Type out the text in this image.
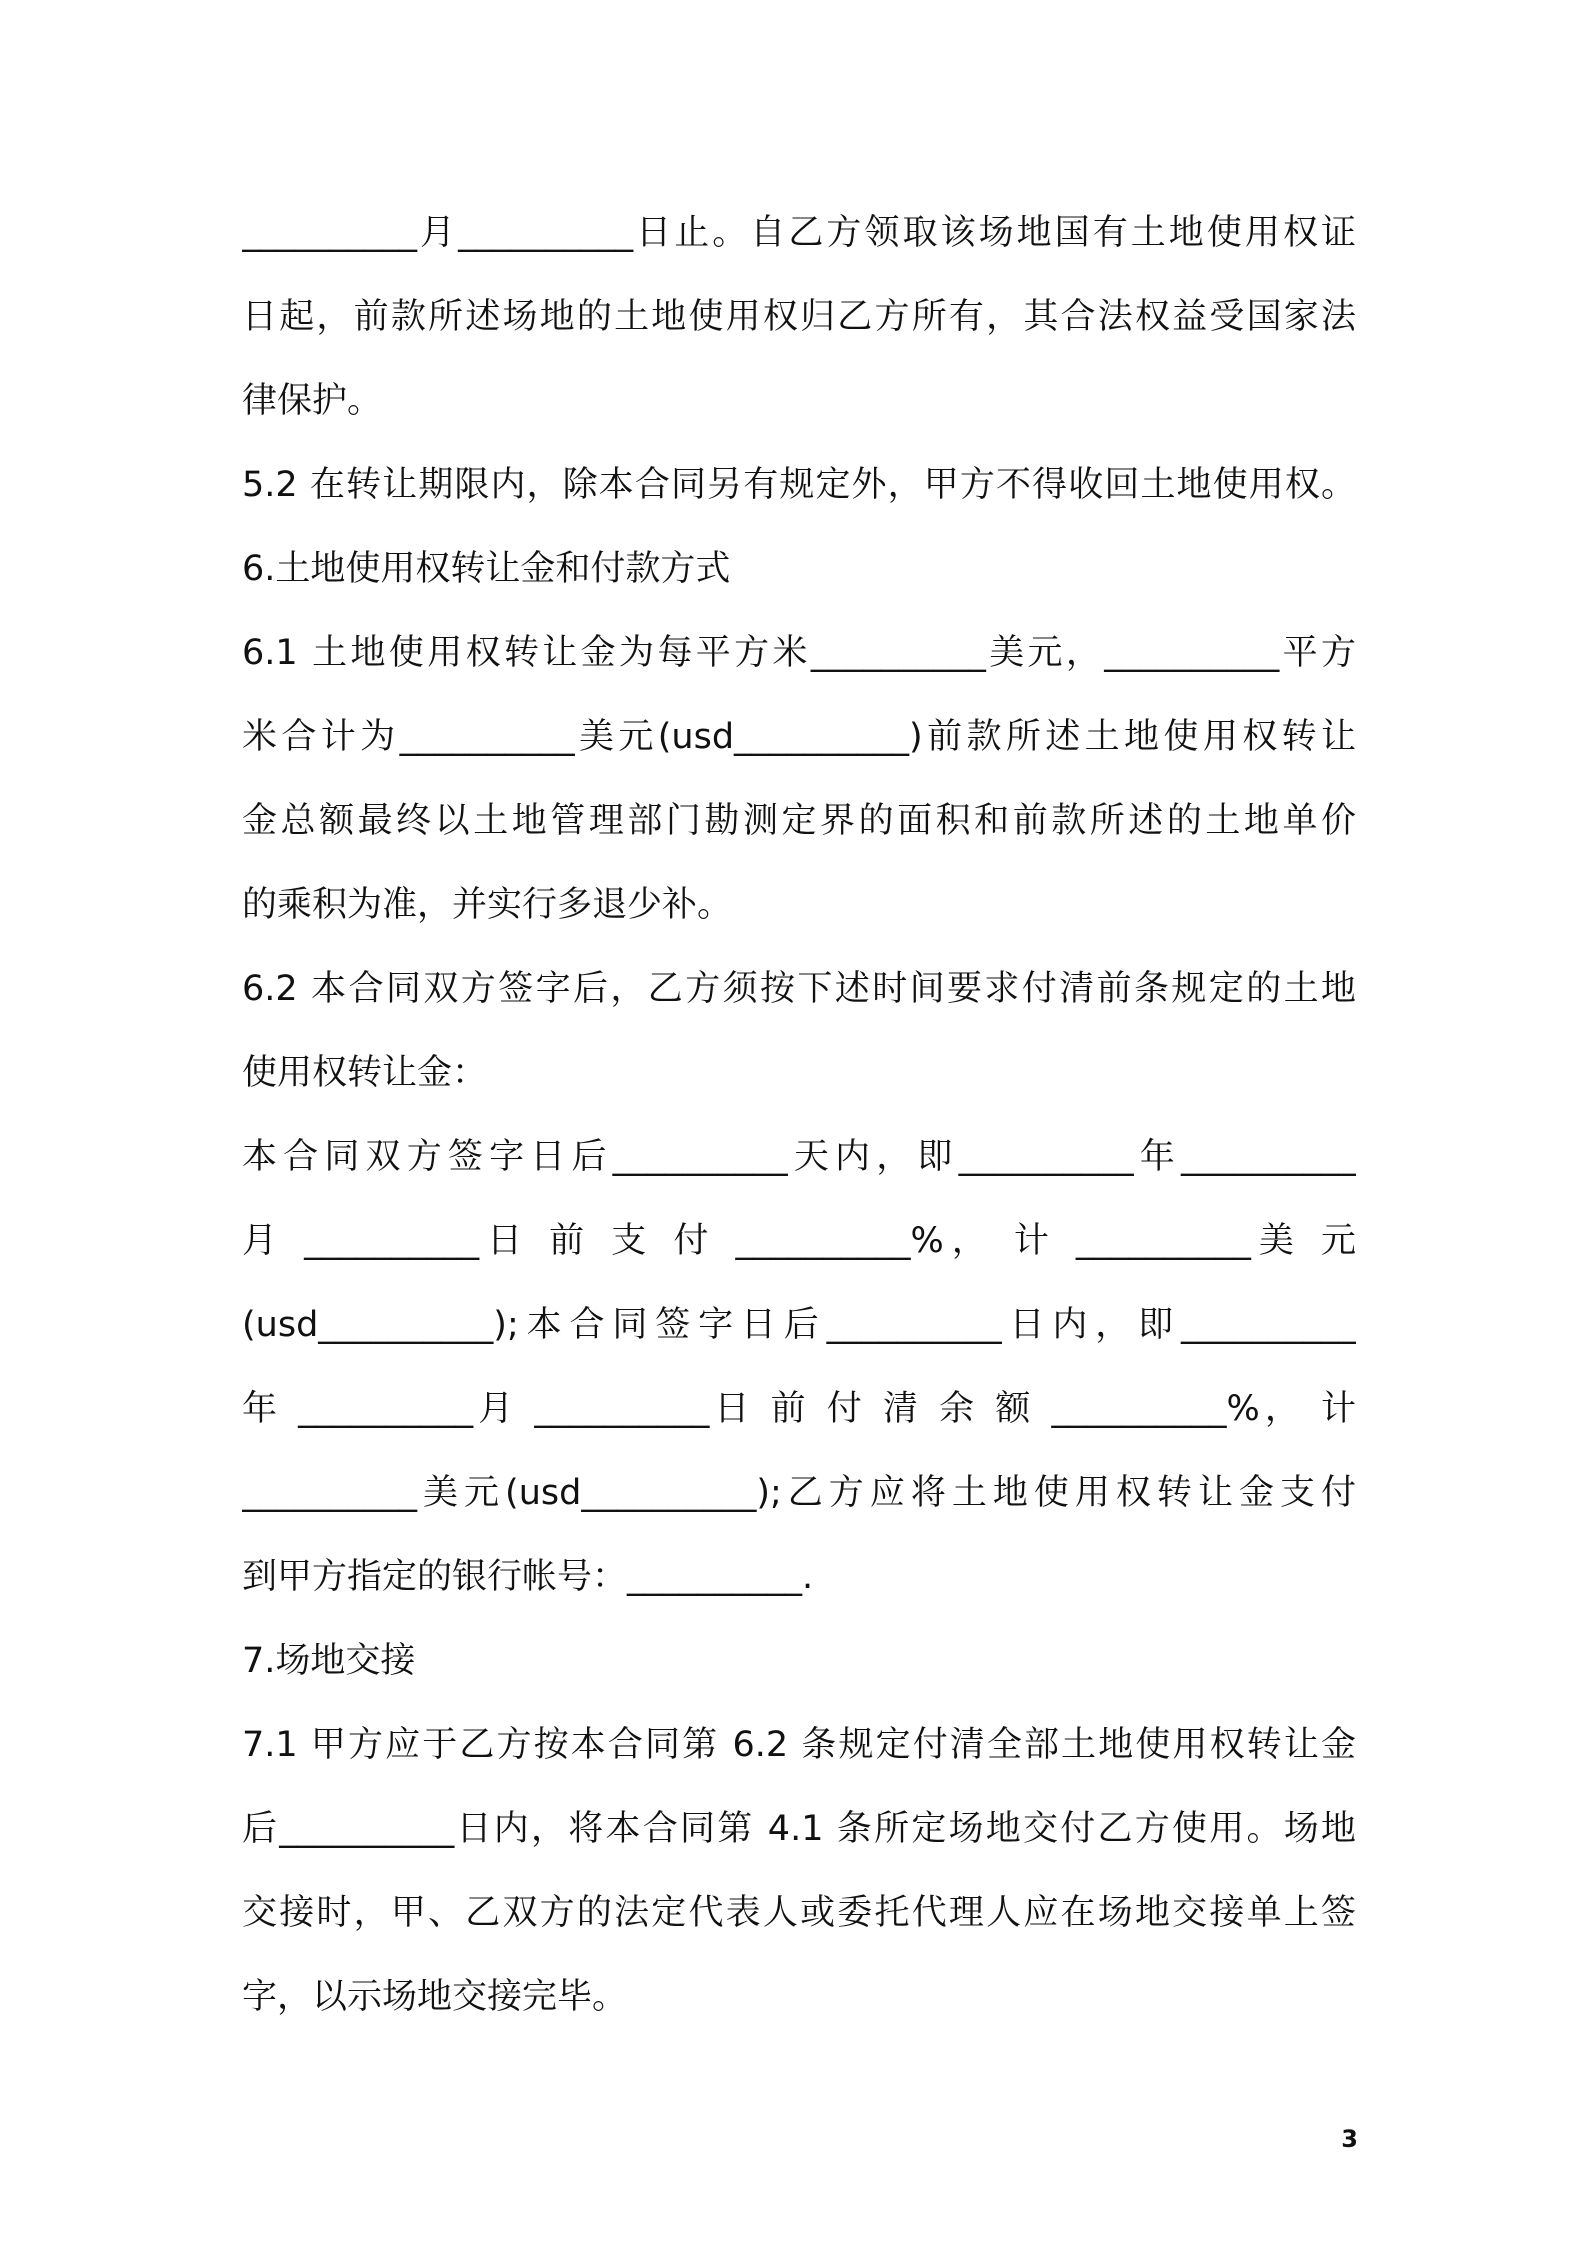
__________月__________日止。自乙方领取该场地国有土地使用权证
日起，前款所述场地的土地使用权归乙方所有，其合法权益受国家法
律保护。
5.2 在转让期限内，除本合同另有规定外，甲方不得收回土地使用权。
6.土地使用权转让金和付款方式
6.1 土地使用权转让金为每平方米__________美元，__________平方
米合计为__________美元(usd__________)前款所述土地使用权转让
金总额最终以土地管理部门勘测定界的面积和前款所述的土地单价
的乘积为准，并实行多退少补。
6.2 本合同双方签字后，乙方须按下述时间要求付清前条规定的土地
使用权转让金：
本合同双方签字日后__________天内，即__________年__________
月 __________日 前 支 付 __________%， 计 __________美 元
(usd__________);本合同签字日后__________日内，即__________
年 __________月 __________日 前 付 清 余 额 __________%， 计
__________美元(usd__________);乙方应将土地使用权转让金支付
到甲方指定的银行帐号：__________.
7.场地交接
7.1 甲方应于乙方按本合同第 6.2 条规定付清全部土地使用权转让金
后__________日内，将本合同第 4.1 条所定场地交付乙方使用。场地
交接时，甲、乙双方的法定代表人或委托代理人应在场地交接单上签
字，以示场地交接完毕。
3
